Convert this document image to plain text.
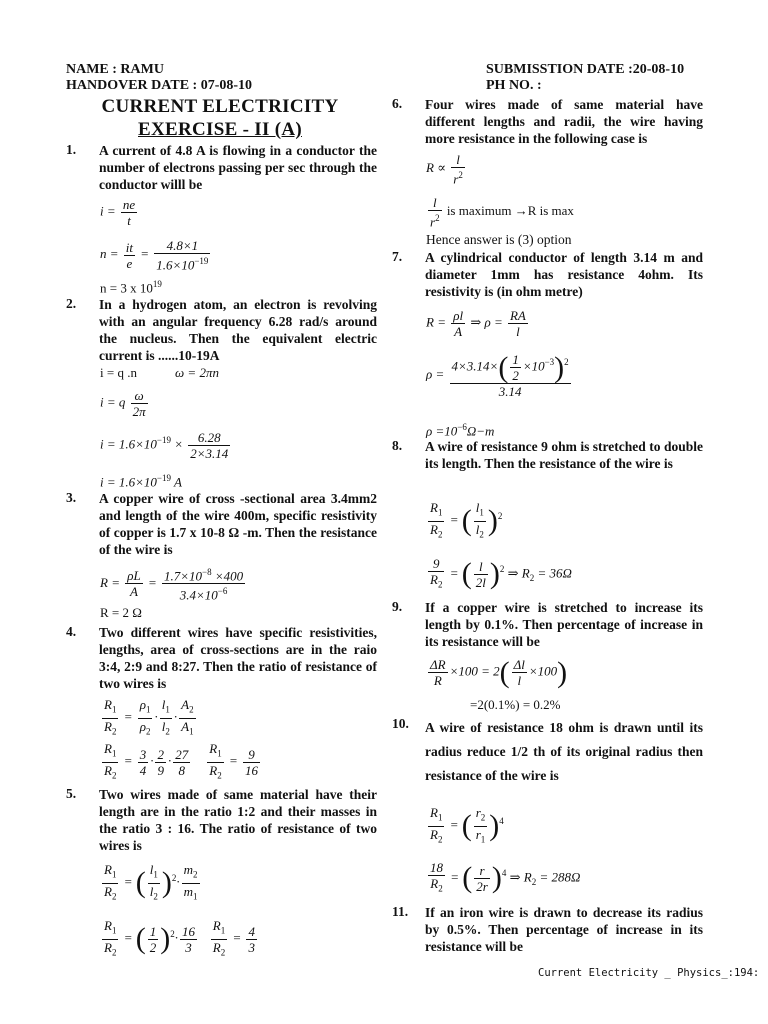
NAME : RAMU
HANDOVER DATE : 07-08-10
SUBMISSTION DATE :20-08-10
PH NO. :
CURRENT ELECTRICITY
EXERCISE - II (A)
1. A current of 4.8 A is flowing in a conductor the number of electrons passing per sec through the conductor willl be
$i = \frac{ne}{t}$
$n = \frac{it}{e} = \frac{4.8\times 1}{1.6\times 10^{-19}}$
n = 3 x $10^{19}$
2. In a hydrogen atom, an electron is revolving with an angular frequency 6.28 rad/s around the nucleus. Then the equivalent electric current is ......10-19A
i = q .n	ω = 2πn
i = q $\frac{\omega}{2\pi}$
$i = 1.6\times 10^{-19} \times \frac{6.28}{2\times 3.14}$
$i = 1.6\times 10^{-19}$ A
3. A copper wire of cross -sectional area 3.4mm2 and length of the wire 400m, specific resistivity of copper is 1.7 x 10-8 Ω -m. Then the resistance of the wire is
$R = \frac{\rho L}{A} = \frac{1.7\times 10^{-8} \times 400}{3.4\times 10^{-6}}$
R = 2 Ω
4. Two different wires have specific resistivities, lengths, area of cross-sections are in the raio 3:4, 2:9 and 8:27. Then the ratio of resistance of two wires is
$\frac{R_1}{R_2} = \frac{\rho_1}{\rho_2} \cdot \frac{l_1}{l_2} \cdot \frac{A_2}{A_1}$
$\frac{R_1}{R_2} = \frac{3}{4} \cdot \frac{2}{9} \cdot \frac{27}{8}$
$\frac{R_1}{R_2} = \frac{9}{16}$
5. Two wires made of same material have their length are in the ratio 1:2 and their masses in the ratio 3 : 16. The ratio of resistance of two wires is
$\frac{R_1}{R_2}$ = ( $\frac{l_1}{l_2} )^2\cdot \frac{m_2}{m_1}$
$\frac{R_1}{R_2}$ = ( $\frac{1}{2} )^2\cdot \frac{16}{3}$
$\frac{R_1}{R_2} = \frac{4}{3}$
6. Four wires made of same material have different lengths and radii, the wire having more resistance in the following case is
$R \propto \frac{l}{r^2}$
$\frac{l}{r^2}$ is maximum →R is max
Hence answer is (3) option
7. A cylindrical conductor of length 3.14 m and diameter 1mm has resistance 4ohm. Its resistivity is (in ohm metre)
$R = \frac{\rho l}{A}$ ⇒ $\rho = \frac{RA}{l}$
$\rho = \frac{4\times 3.14\times( \frac{1}{2} \times 10^{-3})^2}{3.14}$
$\rho =10^{-6}\Omega-m$
8. A wire of resistance 9 ohm is stretched to double its length. Then the resistance of the wire is
$\frac{R_1}{R_2}$ = ( $\frac{l_1}{l_2} )^2$
$\frac{9}{R_2}$ = ( $\frac{l}{2l} )^2$ ⇒ $R_2 = 36\Omega$
9. If a copper wire is stretched to increase its length by 0.1%. Then percentage of increase in its resistance will be
$\frac{\Delta R}{R} \times 100 = 2( \frac{\Delta l}{l} \times 100)$
=2(0.1%) = 0.2%
10. A wire of resistance 18 ohm is drawn until its radius reduce 1/2 th of its original radius then resistance of the wire is
$\frac{R_1}{R_2}$ = ( $\frac{r_2}{r_1} )^4$
$\frac{18}{R_2}$ = ( $\frac{r}{2r} )^4$ ⇒ $R_2 = 288\Omega$
11. If an iron wire is drawn to decrease its radius by 0.5%. Then percentage of increase in its resistance will be
Current Electricity _ Physics_:194:
